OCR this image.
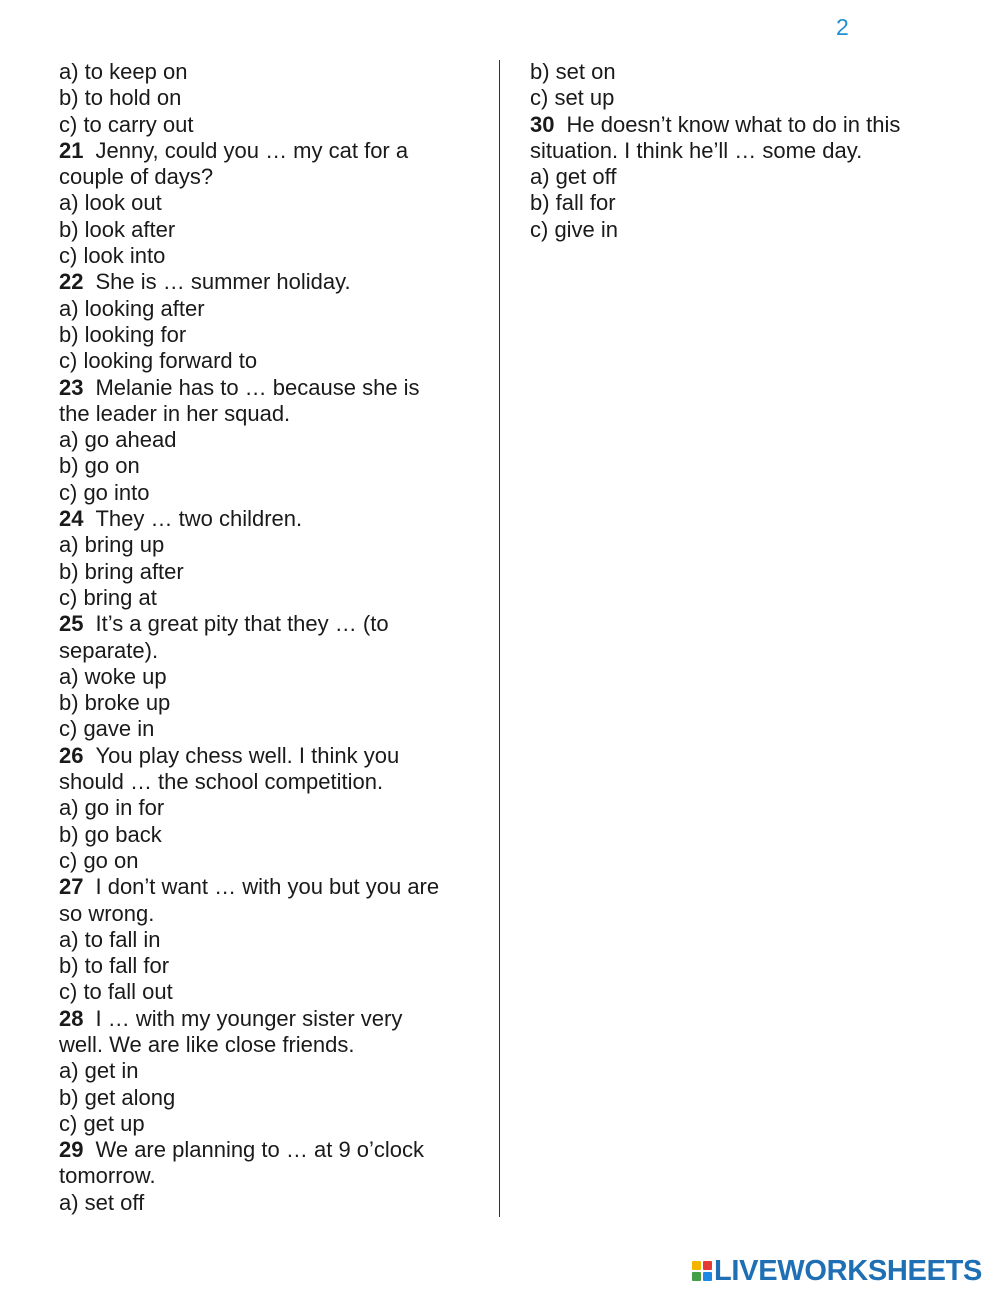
2
a) to keep on
b) to hold on
c) to carry out
21 Jenny, could you … my cat for a
couple of days?
a) look out
b) look after
c) look into
22 She is … summer holiday.
a) looking after
b) looking for
c) looking forward to
23 Melanie has to … because she is
the leader in her squad.
a) go ahead
b) go on
c) go into
24 They … two children.
a) bring up
b) bring after
c) bring at
25 It’s a great pity that they … (to
separate).
a) woke up
b) broke up
c) gave in
26 You play chess well. I think you
should … the school competition.
a) go in for
b) go back
c) go on
27 I don’t want … with you but you are
so wrong.
a) to fall in
b) to fall for
c) to fall out
28 I … with my younger sister very
well. We are like close friends.
a) get in
b) get along
c) get up
29 We are planning to … at 9 o’clock
tomorrow.
a) set off
b) set on
c) set up
30 He doesn’t know what to do in this
situation. I think he’ll … some day.
a) get off
b) fall for
c) give in
LIVEWORKSHEETS
